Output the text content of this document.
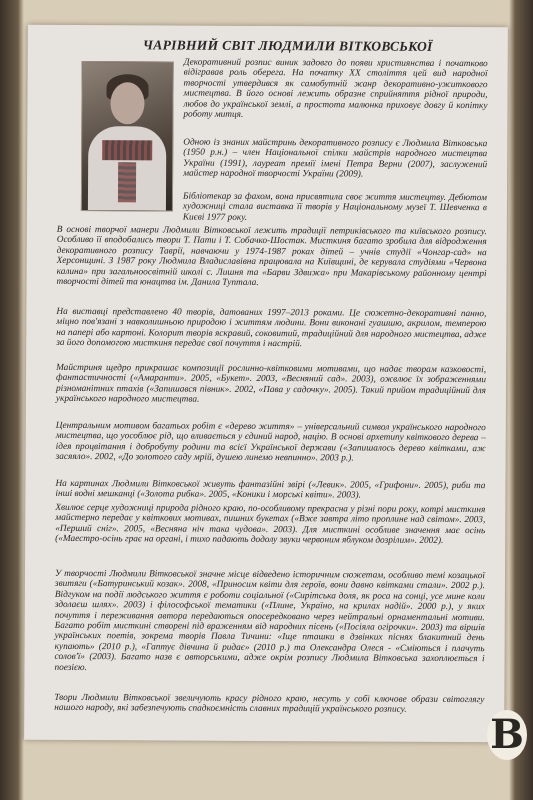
ЧАРІВНИЙ СВІТ ЛЮДМИЛИ ВІТКОВСЬКОЇ

Декоративний розпис виник задовго до появи християнства і початково відігравав роль оберега. На початку ХХ століття цей вид народної творчості утвердився як самобутній жанр декоративно-ужиткового мистецтва. В його основі лежить образне сприйняття рідної природи, любов до української землі, а простота малюнка приховує довгу й копітку роботу митця.

Одною із знаних майстринь декоративного розпису є Людмила Вітковська (1950 р.н.) – член Національної спілки майстрів народного мистецтва України (1991), лауреат премії імені Петра Верни (2007), заслужений майстер народної творчості України (2009).

Бібліотекар за фахом, вона присвятила своє життя мистецтву. Дебютом художниці стала виставка її творів у Національному музеї Т. Шевченка в Києві 1977 року.

В основі творчої манери Людмили Вітковської лежить традиції петриківського та київського розпису. Особливо її вподобались твори Т. Пати і Т. Собачко-Шостак. Мисткиня багато зробила для відродження декоративного розпису Таврії, навчаючи у 1974-1987 роках дітей – учнів студії «Чонгар-сад» на Херсонщині. З 1987 року Людмила Владиславівна працювала на Київщині, де керувала студіями «Червона калина» при загальноосвітній школі с. Лишня та «Барви Здвижа» при Макарівському районному центрі творчості дітей та юнацтва ім. Данила Туптала.

На виставці представлено 40 творів, датованих 1997–2013 роками. Це сюжетно-декоративні панно, міцно пов'язані з навколишньою природою і життям людини. Вони виконані гуашшю, акрилом, темперою на папері або картоні. Колорит творів яскравий, соковитий, традиційний для народного мистецтва, адже за його допомогою мисткиня передає свої почуття і настрій.

Майстриня щедро прикрашає композиції рослинно-квітковими мотивами, що надає творам казковості, фантастичності («Амаранти». 2005, «Букет». 2003, «Весняний сад». 2003), ожвлює їх зображеннями різноманітних птахів («Запишався півник». 2002, «Пава у садочку». 2005). Такий прийом традиційний для українського народного мистецтва.

Центральним мотивом багатьох робіт є «дерево життя» – універсальний символ українського народного мистецтва, що уособлює рід, що вливається у єдиний народ, націю. В основі архетипу квіткового дерева – ідея процвітання і добробуту родини та всієї Української держави («Запишалось дерево квітками, аж засяяло». 2002, «До золотого саду мрій, душею линемо невпинно». 2003 р.).

На картинах Людмили Вітковської живуть фантазійні звірі («Левик». 2005, «Грифони». 2005), риби та інші водні мешканці («Золота рибка». 2005, «Коники і морські квіти». 2003).

Хвилює серце художниці природа рідного краю, по-особливому прекрасна у різні пори року, котрі мисткиня майстерно передає у квіткових мотивах, пишних букетах («Вже завтра літо проплине над світом». 2003, «Перший сніг». 2005, «Весняна ніч така чудова». 2003). Для мисткині особливе значення має осінь («Маестро-осінь грає на органі, і тихо падають додолу звуки червоним яблуком дозрілим». 2002).

У творчості Людмили Вітковської значне місце відведено історичним сюжетам, особливо темі козацької звитяги («Батуринський козак». 2008, «Приносим квіти для героїв, вони давно квітками стали». 2002 р.). Відгуком на події людського життя є роботи соціальної («Сирітська доля, як роса на сонці, усе мине коли здолаєш шлях». 2003) і філософської тематики («Плине, Україно, на крилах надій». 2000 р.), у яких почуття і переживання автора передаються опосередковано через нейтральні орнаментальні мотиви. Багато робіт мисткині створені під враженням від народних пісень («Посіяла огірочки». 2003) та віршів українських поетів, зокрема творів Павла Тичини: «Іще пташки в дзвінких піснях блакитний день купають» (2010 р.), «Гаптує дівчина й ридає» (2010 р.) та Олександра Олеся - «Сміються і плачуть солов'ї» (2003). Багато назв є авторськими, адже окрім розпису Людмила Вітковська захоплюється і поезією.

Твори Людмили Вітковської звеличують красу рідного краю, несуть у собі ключове образи світоглягу нашого народу, які забезпечують спадкоємність славних традицій українського розпису.

В
